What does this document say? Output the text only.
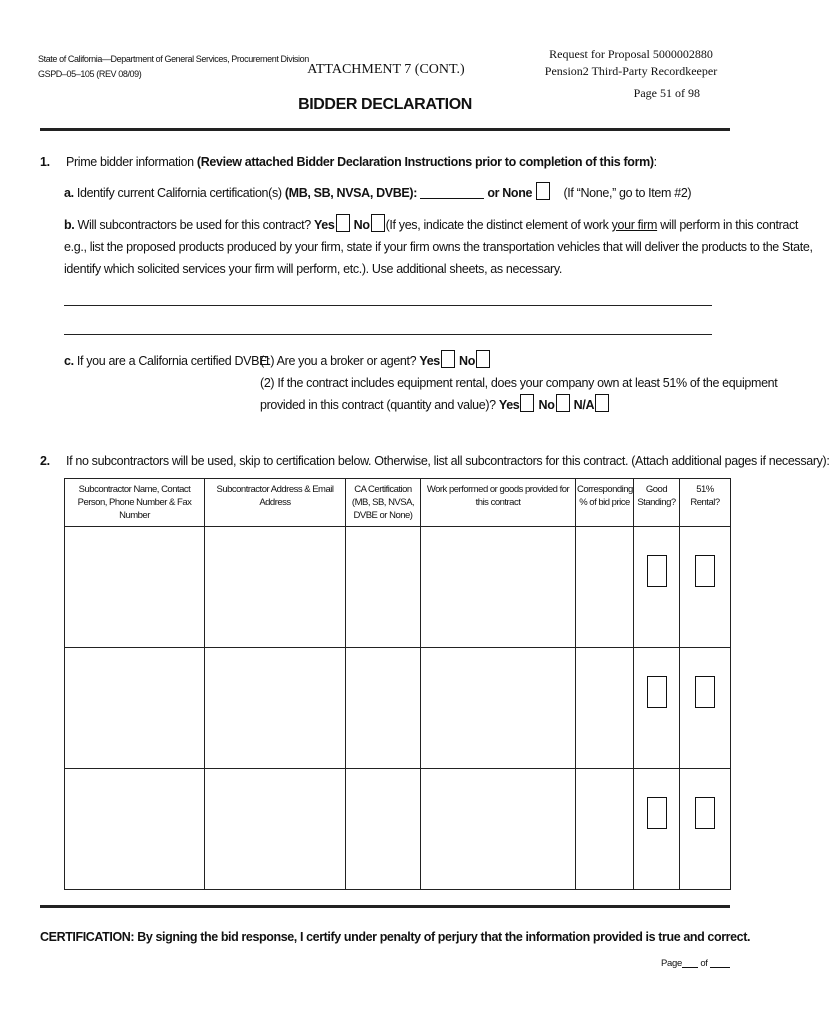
State of California—Department of General Services, Procurement Division
GSPD–05–105 (REV 08/09)	ATTACHMENT 7 (CONT.)
Request for Proposal 5000002880
Pension2 Third-Party Recordkeeper
Page 51 of 98
BIDDER DECLARATION
1. Prime bidder information (Review attached Bidder Declaration Instructions prior to completion of this form):
a. Identify current California certification(s) (MB, SB, NVSA, DVBE):	or None	(If “None,” go to Item #2)
b. Will subcontractors be used for this contract? Yes No (If yes, indicate the distinct element of work your firm will perform in this contract
e.g., list the proposed products produced by your firm, state if your firm owns the transportation vehicles that will deliver the products to the State,
identify which solicited services your firm will perform, etc.). Use additional sheets, as necessary.
c. If you are a California certified DVBE:
(1) Are you a broker or agent? Yes No
(2) If the contract includes equipment rental, does your company own at least 51% of the equipment
provided in this contract (quantity and value)? Yes No N/A
2. If no subcontractors will be used, skip to certification below. Otherwise, list all subcontractors for this contract. (Attach additional pages if necessary):
Subcontractor Name, Contact Person, Phone Number & Fax Number	Subcontractor Address & Email Address	CA Certification (MB, SB, NVSA, DVBE or None)	Work performed or goods provided for this contract	Corresponding % of bid price	Good Standing?	51% Rental?

CERTIFICATION: By signing the bid response, I certify under penalty of perjury that the information provided is true and correct.
Page of
